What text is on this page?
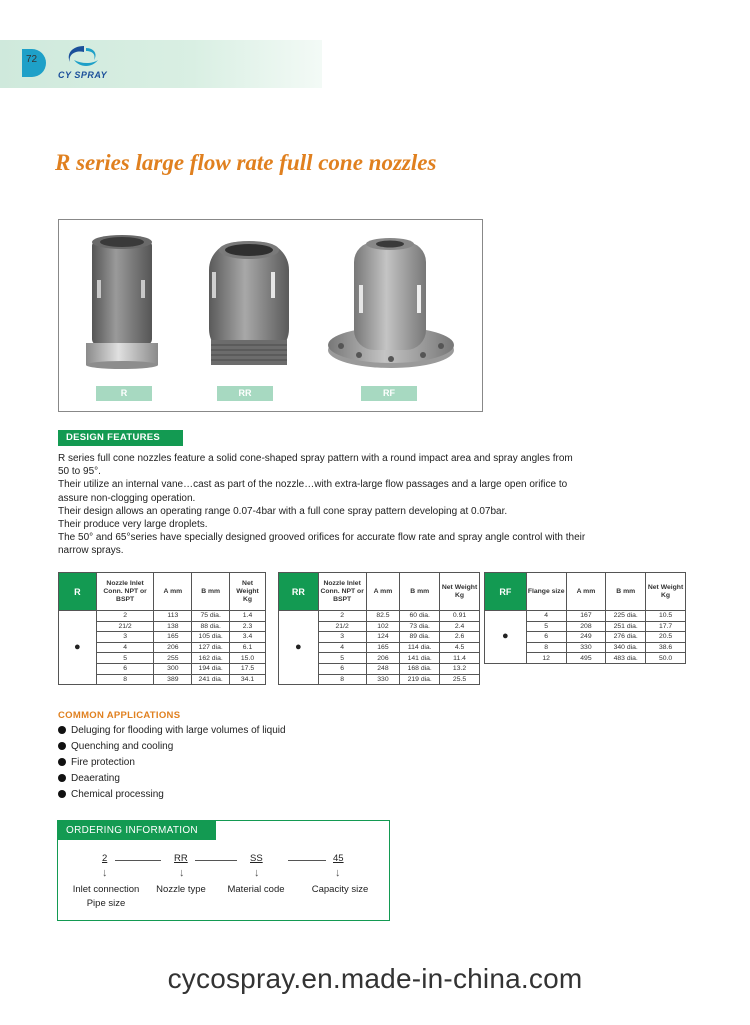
72
CY SPRAY
R series large flow rate full cone nozzles
R	RR	RF
DESIGN FEATURES

R series full cone nozzles feature a solid cone-shaped spray pattern with a round impact area and spray angles from

50 to 95°.

Their utilize an internal vane…cast as part of the nozzle…with extra-large flow passages and a large open orifice to

assure non-clogging operation.

Their design allows an operating range 0.07-4bar with a full cone spray pattern developing at 0.07bar.

Their produce very large droplets.

The 50° and 65°series have specially designed grooved orifices for accurate flow rate and spray angle control with their

narrow sprays.

R	Nozzle Inlet Conn. NPT or BSPT	A mm	B mm	Net Weight Kg
●	2	113	75 dia.	1.4
	21/2	138	88 dia.	2.3
	3	165	105 dia.	3.4
	4	206	127 dia.	6.1
	5	255	162 dia.	15.0
	6	300	194 dia.	17.5
	8	389	241 dia.	34.1
RR	Nozzle Inlet Conn. NPT or BSPT	A mm	B mm	Net Weight Kg
●	2	82.5	60 dia.	0.91
	21/2	102	73 dia.	2.4
	3	124	89 dia.	2.6
	4	165	114 dia.	4.5
	5	206	141 dia.	11.4
	6	248	168 dia.	13.2
	8	330	219 dia.	25.5
RF	Flange size	A mm	B mm	Net Weight Kg
●	4	167	225 dia.	10.5
	5	208	251 dia.	17.7
	6	249	276 dia.	20.5
	8	330	340 dia.	38.6
	12	495	483 dia.	50.0
COMMON APPLICATIONS
Deluging for flooding with large volumes of liquid
Quenching and cooling
Fire protection
Deaerating
Chemical processing
ORDERING INFORMATION
2	RR	SS	45
↓	↓	↓	↓
Inlet connection	Nozzle type	Material code	Capacity size
Pipe size
cycospray.en.made-in-china.com
